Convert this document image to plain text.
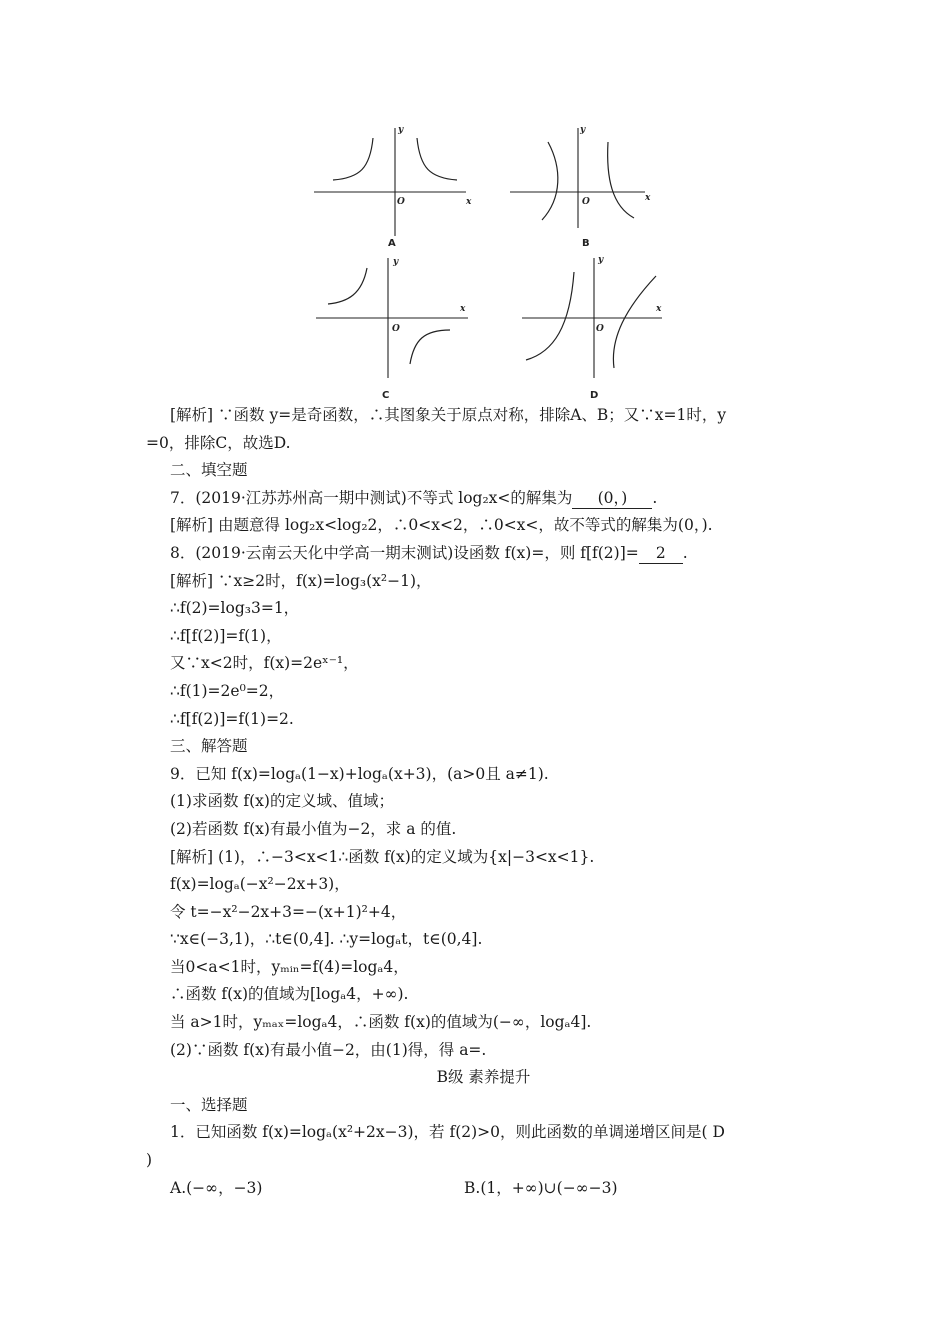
y
x
O
A
y
x
O
B
y
x
O
C
y
x
O
D
[解析] ∵函数 y=是奇函数，∴其图象关于原点对称，排除A、B；又∵x=1时，y
=0，排除C，故选D.
二、填空题
7．(2019·江苏苏州高一期中测试)不等式 log₂x<的解集为 (0，) .
[解析] 由题意得 log₂x<log₂2，∴0<x<2，∴0<x<，故不等式的解集为(0，).
8．(2019·云南云天化中学高一期末测试)设函数 f(x)=，则 f[f(2)]= 2 .
[解析] ∵x≥2时，f(x)=log₃(x²−1)，
∴f(2)=log₃3=1，
∴f[f(2)]=f(1)，
又∵x<2时，f(x)=2eˣ⁻¹，
∴f(1)=2e⁰=2，
∴f[f(2)]=f(1)=2.
三、解答题
9．已知 f(x)=logₐ(1−x)+logₐ(x+3)，(a>0且 a≠1).
(1)求函数 f(x)的定义域、值域；
(2)若函数 f(x)有最小值为−2，求 a 的值.
[解析] (1)，∴−3<x<1∴函数 f(x)的定义域为{x|−3<x<1}.
f(x)=logₐ(−x²−2x+3)，
令 t=−x²−2x+3=−(x+1)²+4，
∵x∈(−3,1)，∴t∈(0,4]. ∴y=logₐt，t∈(0,4].
当0<a<1时，yₘᵢₙ=f(4)=logₐ4，
∴函数 f(x)的值域为[logₐ4，+∞).
当 a>1时，yₘₐₓ=logₐ4，∴函数 f(x)的值域为(−∞，logₐ4].
(2)∵函数 f(x)有最小值−2，由(1)得，得 a=.
B级 素养提升
一、选择题
1．已知函数 f(x)=logₐ(x²+2x−3)，若 f(2)>0，则此函数的单调递增区间是( D
)
A.(−∞，−3)	B.(1，+∞)∪(−∞−3)
